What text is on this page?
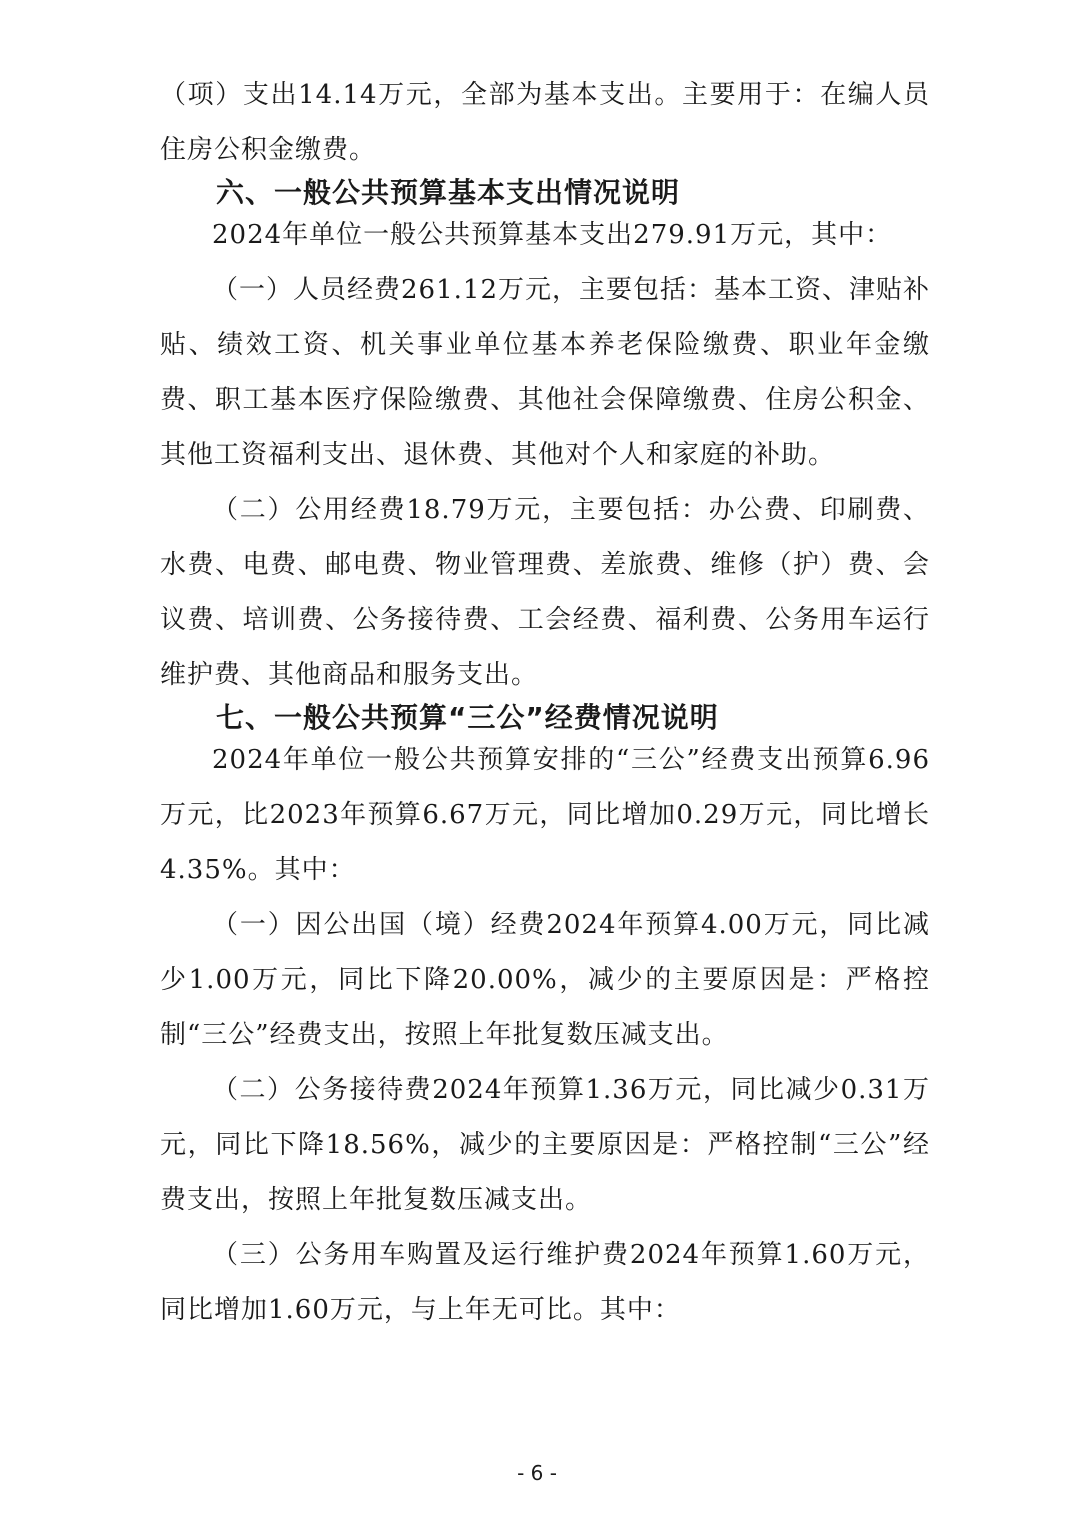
（项）支出14.14万元，全部为基本支出。主要用于：在编人员住房公积金缴费。

六、一般公共预算基本支出情况说明

2024年单位一般公共预算基本支出279.91万元，其中：

（一）人员经费261.12万元，主要包括：基本工资、津贴补贴、绩效工资、机关事业单位基本养老保险缴费、职业年金缴费、职工基本医疗保险缴费、其他社会保障缴费、住房公积金、其他工资福利支出、退休费、其他对个人和家庭的补助。

（二）公用经费18.79万元，主要包括：办公费、印刷费、水费、电费、邮电费、物业管理费、差旅费、维修（护）费、会议费、培训费、公务接待费、工会经费、福利费、公务用车运行维护费、其他商品和服务支出。

七、一般公共预算“三公”经费情况说明

2024年单位一般公共预算安排的“三公”经费支出预算6.96万元，比2023年预算6.67万元，同比增加0.29万元，同比增长4.35%。其中：

（一）因公出国（境）经费2024年预算4.00万元，同比减少1.00万元，同比下降20.00%，减少的主要原因是：严格控制“三公”经费支出，按照上年批复数压减支出。

（二）公务接待费2024年预算1.36万元，同比减少0.31万元，同比下降18.56%，减少的主要原因是：严格控制“三公”经费支出，按照上年批复数压减支出。

（三）公务用车购置及运行维护费2024年预算1.60万元，同比增加1.60万元，与上年无可比。其中：

- 6 -
